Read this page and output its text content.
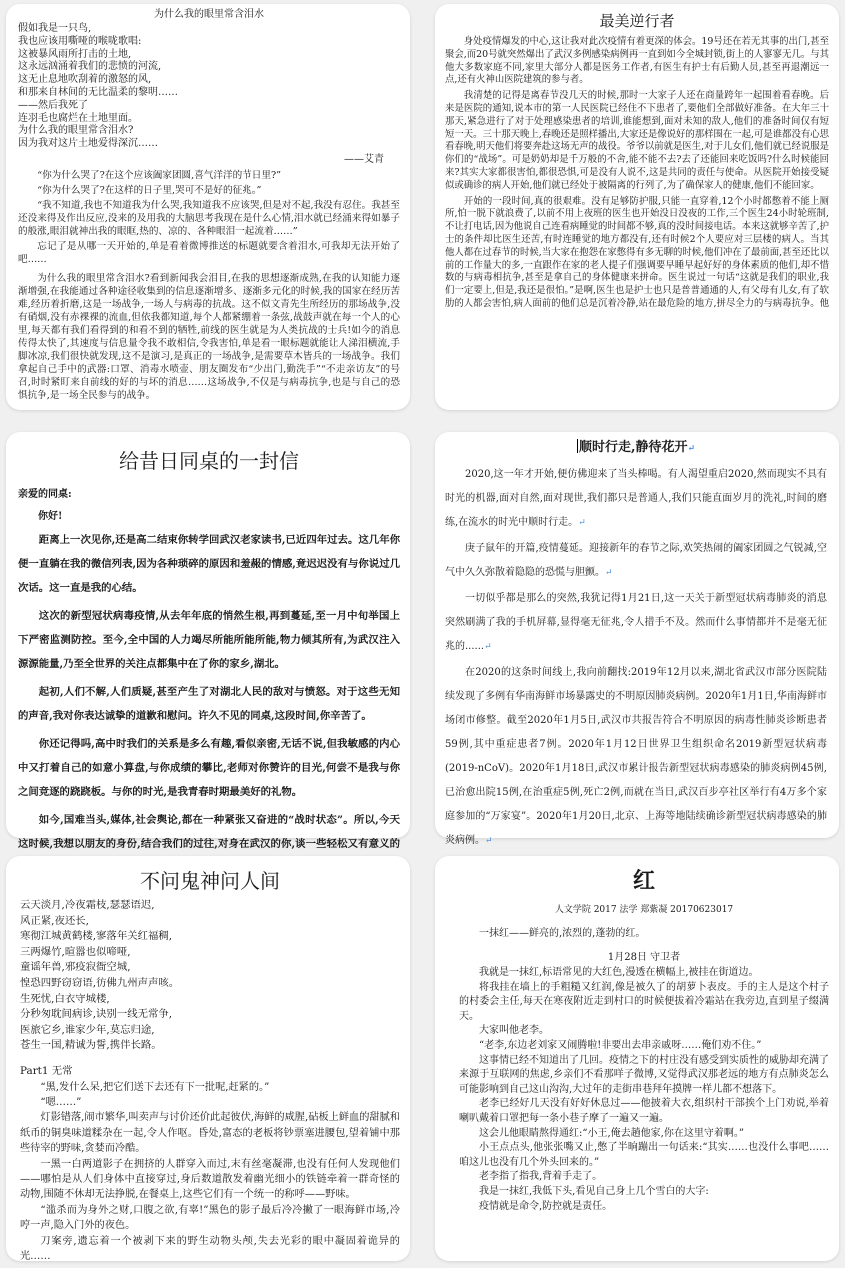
为什么我的眼里常含泪水
假如我是一只鸟,
我也应该用嘶哑的喉咙歌唱:
这被暴风雨所打击的土地,
这永远汹涌着我们的悲愤的河流,
这无止息地吹刮着的激怒的风,
和那来自林间的无比温柔的黎明……
——然后我死了
连羽毛也腐烂在土地里面。
为什么我的眼里常含泪水?
因为我对这片土地爱得深沉……
——艾青

“你为什么哭了?在这个应该阖家团圆,喜气洋洋的节日里?”

“你为什么哭了?在这样的日子里,哭可不是好的征兆。”

“我不知道,我也不知道我为什么哭,我知道我不应该哭,但是对不起,我没有忍住。我甚至还没来得及作出反应,没来的及用我的大脑思考我现在是什么心情,泪水就已经涌来得如暴子的般涨,眼泪就神出我的眼眶,热的、凉的、各种眼泪一起流着……”

忘记了是从哪一天开始的,单是看着微博推送的标题就要含着泪水,可我却无法开始了吧……

为什么我的眼里常含泪水?看到新闻我会泪目,在我的思想逐渐成熟,在我的认知能力逐渐增强,在我能通过各种途径收集到的信息逐渐增多、逐渐多元化的时候,我的国家在经历苦难,经历着折磨,这是一场战争,一场人与病毒的抗战。这不似文青先生所经历的那场战争,没有硝烟,没有赤裸裸的流血,但依我都知道,每个人都紧绷着一条弦,战鼓声就在每一个人的心里,每天都有我们看得到的和看不到的牺牲,前线的医生就是为人类抗战的士兵!如今的消息传得太快了,其速度与信息量令我不敢相信,令我害怕,单是看一眼标题就能让人涕泪横流,手脚冰凉,我们很快就发现,这不是演习,是真正的一场战争,是需要草木皆兵的一场战争。我们拿起自己手中的武器:口罩、消毒水喷壶、朋友圈发布“少出门,勤洗手”“不走亲访友”的号召,时时紧盯来自前线的好的与坏的消息……这场战争,不仅是与病毒抗争,也是与自己的恐惧抗争,是一场全民参与的战争。

最美逆行者

身处疫情爆发的中心,这让我对此次疫情有着更深的体会。19号还在若无其事的出门,甚至聚会,而20号就突然爆出了武汉多例感染病例再一直到如今全城封锁,街上的人寥寥无几。与其他大多数家庭不同,家里大部分人都是医务工作者,有医生有护士有后勤人员,甚至再退潮远一点,还有火神山医院建筑的参与者。

我清楚的记得是离春节没几天的时候,那时一大家子人还在商量跨年一起围着看春晚。后来是医院的通知,说本市的第一人民医院已经住不下患者了,要他们全部做好准备。在大年三十那天,紧急进行了对于处理感染患者的培训,谁能想到,面对未知的敌人,他们的准备时间仅有短短一天。三十那天晚上,春晚还是照样播出,大家还是像说好的那样围在一起,可是谁都没有心思看春晚,明天他们将要奔赴这场无声的战役。爷爷以前就是医生,对于儿女们,他们就已经说服是你们的“战场”。可是奶奶却是千万般的不舍,能不能不去?去了还能回来吃饭吗?什么时候能回来?其实大家都很害怕,都很恐惧,可是没有人说不,这是共同的责任与使命。从医院开始接受疑似或确诊的病人开始,他们就已经处于被隔离的行列了,为了确保家人的健康,他们不能回家。

开始的一段时间,真的很艰难。没有足够防护服,只能一直穿着,12个小时都憋着不能上厕所,怕一脱下就浪费了,以前不用上夜班的医生也开始没日没夜的工作,三个医生24小时轮班制,不让打电话,因为他说自己连看病睡觉的时间都不够,真的没时间接电话。本来这就够辛苦了,护士的条件却比医生还苦,有时连睡觉的地方都没有,还有时候2个人要应对三层楼的病人。当其他人都在过春节的时候,当大家在抱怨在家憋得有多无聊的时候,他们冲在了最前面,甚至还比以前的工作量大的多,一直跟作在家的老人提子们强调要早睡早起好好的身体素质的他们,却不惜数的与病毒相抗争,甚至是拿自己的身体健康来拼命。医生说过一句话“这就是我们的职业,我们一定要上,但是,我还是很怕。”是啊,医生也是护士也只是普普通通的人,有父母有儿女,有了软肋的人都会害怕,病人面前的他们总是沉着冷静,站在最危险的地方,拼尽全力的与病毒抗争。他

给昔日同桌的一封信
亲爱的同桌:
你好!

距离上一次见你,还是高二结束你转学回武汉老家读书,已近四年过去。这几年你便一直躺在我的微信列表,因为各种琐碎的原因和羞赧的情感,竟迟迟没有与你说过几次话。这一直是我的心结。

这次的新型冠状病毒疫情,从去年年底的悄然生根,再到蔓延,至一月中旬举国上下严密监测防控。至今,全中国的人力竭尽所能所能所能,物力倾其所有,为武汉注入源源能量,乃至全世界的关注点都集中在了你的家乡,湖北。

起初,人们不解,人们质疑,甚至产生了对湖北人民的敌对与愤怒。对于这些无知的声音,我对你表达诚挚的道歉和慰问。许久不见的同桌,这段时间,你辛苦了。

你还记得吗,高中时我们的关系是多么有趣,看似亲密,无话不说,但我敏感的内心中又打着自己的如意小算盘,与你成绩的攀比,老师对你赞许的目光,何尝不是我与你之间竞逐的跷跷板。与你的时光,是我青春时期最美好的礼物。

如今,国难当头,媒体,社会舆论,都在一种紧张又奋进的“战时状态”。所以,今天这时候,我想以朋友的身份,结合我们的过往,对身在武汉的你,谈一些轻松又有意义的

顺时行走,静待花开↵

2020,这一年才开始,便仿佛迎来了当头棒喝。有人渴望重启2020,然而现实不具有时光的机器,面对自然,面对现世,我们都只是普通人,我们只能直面岁月的洗礼,时间的磨练,在流水的时光中顺时行走。↵

庚子鼠年的开篇,疫情蔓延。迎接新年的春节之际,欢笑热闹的阖家团圆之气锐减,空气中久久弥散着隐隐的恐慌与胆颤。↵

一切似乎都是那么的突然,我犹记得1月21日,这一天关于新型冠状病毒肺炎的消息突然刷满了我的手机屏幕,显得毫无征兆,令人措手不及。然而什么事情都并不是毫无征兆的......↵

在2020的这条时间线上,我向前翻找:2019年12月以来,湖北省武汉市部分医院陆续发现了多例有华南海鲜市场暴露史的不明原因肺炎病例。2020年1月1日,华南海鲜市场闭市修整。截至2020年1月5日,武汉市共报告符合不明原因的病毒性肺炎诊断患者59例,其中重症患者7例。2020年1月12日世界卫生组织命名2019新型冠状病毒(2019-nCoV)。2020年1月18日,武汉市累计报告新型冠状病毒感染的肺炎病例45例,已治愈出院15例,在治重症5例,死亡2例,而就在当日,武汉百步亭社区举行有4万多个家庭参加的“万家宴”。2020年1月20日,北京、上海等地陆续确诊新型冠状病毒感染的肺炎病例。↵

不问鬼神问人间
云天淡月,冷夜霜枝,瑟瑟语迟,
风正紧,夜还长,
寒彻江城黄鹤楼,寥落年关红福稠,
三两爆竹,暄嚣也似啼哑,
童谣年兽,邪疫寂衙空城,
惶恐四野窃窃语,彷佛九州声声咳。
生死忧,白衣守城楼,
分秒匆耽间病诊,诀别一线无常争,
医旅它乡,谁家少年,莫忘归途,
苍生一国,精诚为誓,携伴长路。
Part1 无常

“黑,发什么呆,把它们送下去还有下一批呢,赶紧的。”

“嗯……”

灯影错落,闹市繁华,叫卖声与讨价还价此起彼伏,海鲜的咸腥,砧板上鲜血的甜腻和纸币的铜臭味道糅杂在一起,令人作呕。昏处,富态的老板将钞票塞进腰包,望着铺中那些待宰的野味,贪婪而冷酷。

一黑一白两道影子在拥挤的人群穿入而过,末有丝毫凝滞,也没有任何人发现他们——哪怕是从人们身体中直接穿过,身后数道散发着幽光细小的铁链牵着一群奇怪的动物,围随不休却无法挣脱,在餐桌上,这些它们有一个统一的称呼——野味。

“滥杀而为身外之财,口腹之欲,有辜!”黑色的影子最后冷冷撇了一眼海鲜市场,冷哼一声,隐入门外的夜色。

刀案旁,遗忘着一个被剥下来的野生动物头颅,失去光彩的眼中凝固着诡异的光……

红
人文学院 2017 法学 郑紫凝 20170623017

一抹红——鲜亮的,浓烈的,蓬勃的红。

1月28日 守卫者

我就是一抹红,标语常见的大红色,漫透在横幅上,被挂在街道边。

将我挂在墙上的手粗糙又红润,像是被久了的胡萝卜表皮。手的主人是这个村子的村委会主任,每天在寒夜附近走到村口的时候便拔着冷霜站在我旁边,直到星子缀满天。

大家叫他老李。

“老李,东边老刘家又闹腾啦!非要出去串亲戚呀……俺们劝不住。”

这事情已经不知道出了几回。疫情之下的村庄没有感受到实质性的威胁却充满了来源于互联网的焦虑,乡亲们不看那咩子微博,又觉得武汉那老远的地方有点肺炎怎么可能影响到自己这山沟沟,大过年的走街串巷拜年摸牌一样儿都不想落下。

老李已经好几天没有好好休息过——他披着大衣,组织村干部挨个上门劝说,举着喇叭戴着口罩把每一条小巷子摩了一遍又一遍。

这会儿他眼睛熬得通红:“小王,俺去趟他家,你在这里守着啊。”

小王点点头,他张张嘴又止,憋了半晌蹦出一句话来:“其实……也没什么事吧……咱这儿也没有几个外头回来的。”

老李指了指我,背着手走了。

我是一抹红,我低下头,看见自己身上几个雪白的大字:

疫情就是命令,防控就是责任。
